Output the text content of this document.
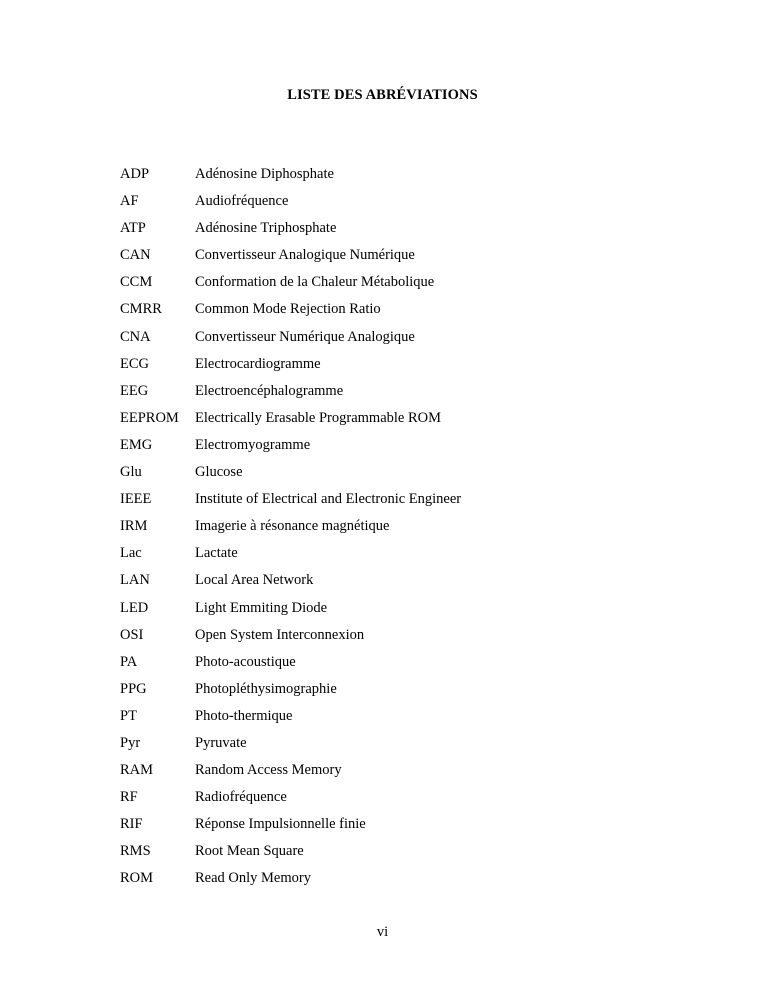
LISTE DES ABRÉVIATIONS
ADP	Adénosine Diphosphate
AF	Audiofréquence
ATP	Adénosine Triphosphate
CAN	Convertisseur Analogique Numérique
CCM	Conformation de la Chaleur Métabolique
CMRR	Common Mode Rejection Ratio
CNA	Convertisseur Numérique Analogique
ECG	Electrocardiogramme
EEG	Electroencéphalogramme
EEPROM	Electrically Erasable Programmable ROM
EMG	Electromyogramme
Glu	Glucose
IEEE	Institute of Electrical and Electronic Engineer
IRM	Imagerie à résonance magnétique
Lac	Lactate
LAN	Local Area Network
LED	Light Emmiting Diode
OSI	Open System Interconnexion
PA	Photo-acoustique
PPG	Photopléthysimographie
PT	Photo-thermique
Pyr	Pyruvate
RAM	Random Access Memory
RF	Radiofréquence
RIF	Réponse Impulsionnelle finie
RMS	Root Mean Square
ROM	Read Only Memory
vi
